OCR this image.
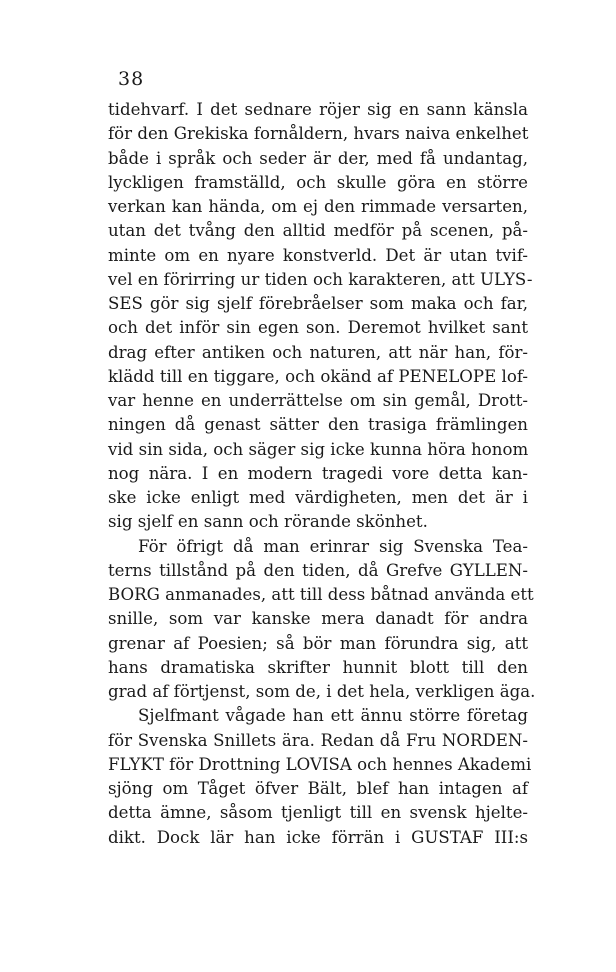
38
tidehvarf. I det sednare röjer sig en sann känsla
för den Grekiska fornåldern, hvars naiva enkelhet
både i språk och seder är der, med få undantag,
lyckligen framställd, och skulle göra en större
verkan kan hända, om ej den rimmade versarten,
utan det tvång den alltid medför på scenen, på-
minte om en nyare konstverld. Det är utan tvif-
vel en förirring ur tiden och karakteren, att ULYS-
SES gör sig sjelf förebråelser som maka och far,
och det inför sin egen son. Deremot hvilket sant
drag efter antiken och naturen, att när han, för-
klädd till en tiggare, och okänd af PENELOPE lof-
var henne en underrättelse om sin gemål, Drott-
ningen då genast sätter den trasiga främlingen
vid sin sida, och säger sig icke kunna höra honom
nog nära. I en modern tragedi vore detta kan-
ske icke enligt med värdigheten, men det är i
sig sjelf en sann och rörande skönhet.
För öfrigt då man erinrar sig Svenska Tea-
terns tillstånd på den tiden, då Grefve GYLLEN-
BORG anmanades, att till dess båtnad använda ett
snille, som var kanske mera danadt för andra
grenar af Poesien; så bör man förundra sig, att
hans dramatiska skrifter hunnit blott till den
grad af förtjenst, som de, i det hela, verkligen äga.
Sjelfmant vågade han ett ännu större företag
för Svenska Snillets ära. Redan då Fru NORDEN-
FLYKT för Drottning LOVISA och hennes Akademi
sjöng om Tåget öfver Bält, blef han intagen af
detta ämne, såsom tjenligt till en svensk hjelte-
dikt. Dock lär han icke förrän i GUSTAF III:s
